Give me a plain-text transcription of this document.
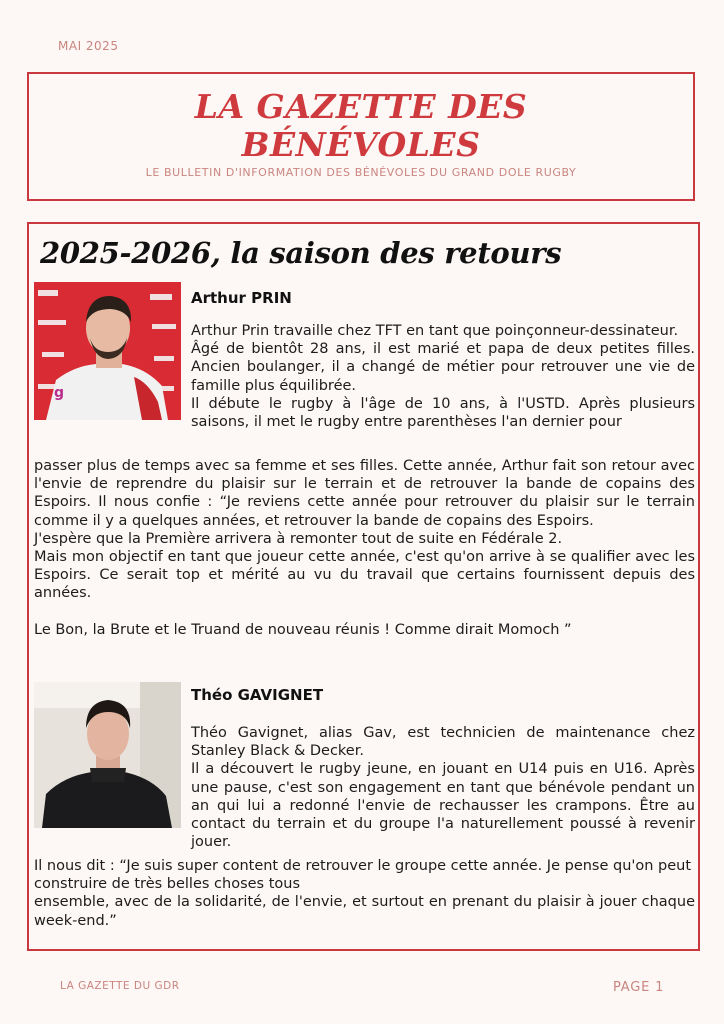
MAI 2025
LA GAZETTE DES
BÉNÉVOLES
LE BULLETIN D'INFORMATION DES BÉNÉVOLES DU GRAND DOLE RUGBY
2025-2026, la saison des retours
g
Arthur PRIN

Arthur Prin travaille chez TFT en tant que poinçonneur-dessinateur.

Âgé de bientôt 28 ans, il est marié et papa de deux petites filles. Ancien boulanger, il a changé de métier pour retrouver une vie de famille plus équilibrée.

Il débute le rugby à l'âge de 10 ans, à l'USTD. Après plusieurs saisons, il met le rugby entre parenthèses l'an dernier pour

passer plus de temps avec sa femme et ses filles. Cette année, Arthur fait son retour avec l'envie de reprendre du plaisir sur le terrain et de retrouver la bande de copains des Espoirs. Il nous confie : “Je reviens cette année pour retrouver du plaisir sur le terrain comme il y a quelques années, et retrouver la bande de copains des Espoirs.

J'espère que la Première arrivera à remonter tout de suite en Fédérale 2.

Mais mon objectif en tant que joueur cette année, c'est qu'on arrive à se qualifier avec les Espoirs. Ce serait top et mérité au vu du travail que certains fournissent depuis des années.

Le Bon, la Brute et le Truand de nouveau réunis ! Comme dirait Momoch ”

Théo GAVIGNET

Théo Gavignet, alias Gav, est technicien de maintenance chez Stanley Black & Decker.

Il a découvert le rugby jeune, en jouant en U14 puis en U16. Après une pause, c'est son engagement en tant que bénévole pendant un an qui lui a redonné l'envie de rechausser les crampons. Être au contact du terrain et du groupe l'a naturellement poussé à revenir jouer.

Il nous dit : “Je suis super content de retrouver le groupe cette année. Je pense qu'on peut construire de très belles choses tous

ensemble, avec de la solidarité, de l'envie, et surtout en prenant du plaisir à jouer chaque week-end.”

LA GAZETTE DU GDR	PAGE 1
